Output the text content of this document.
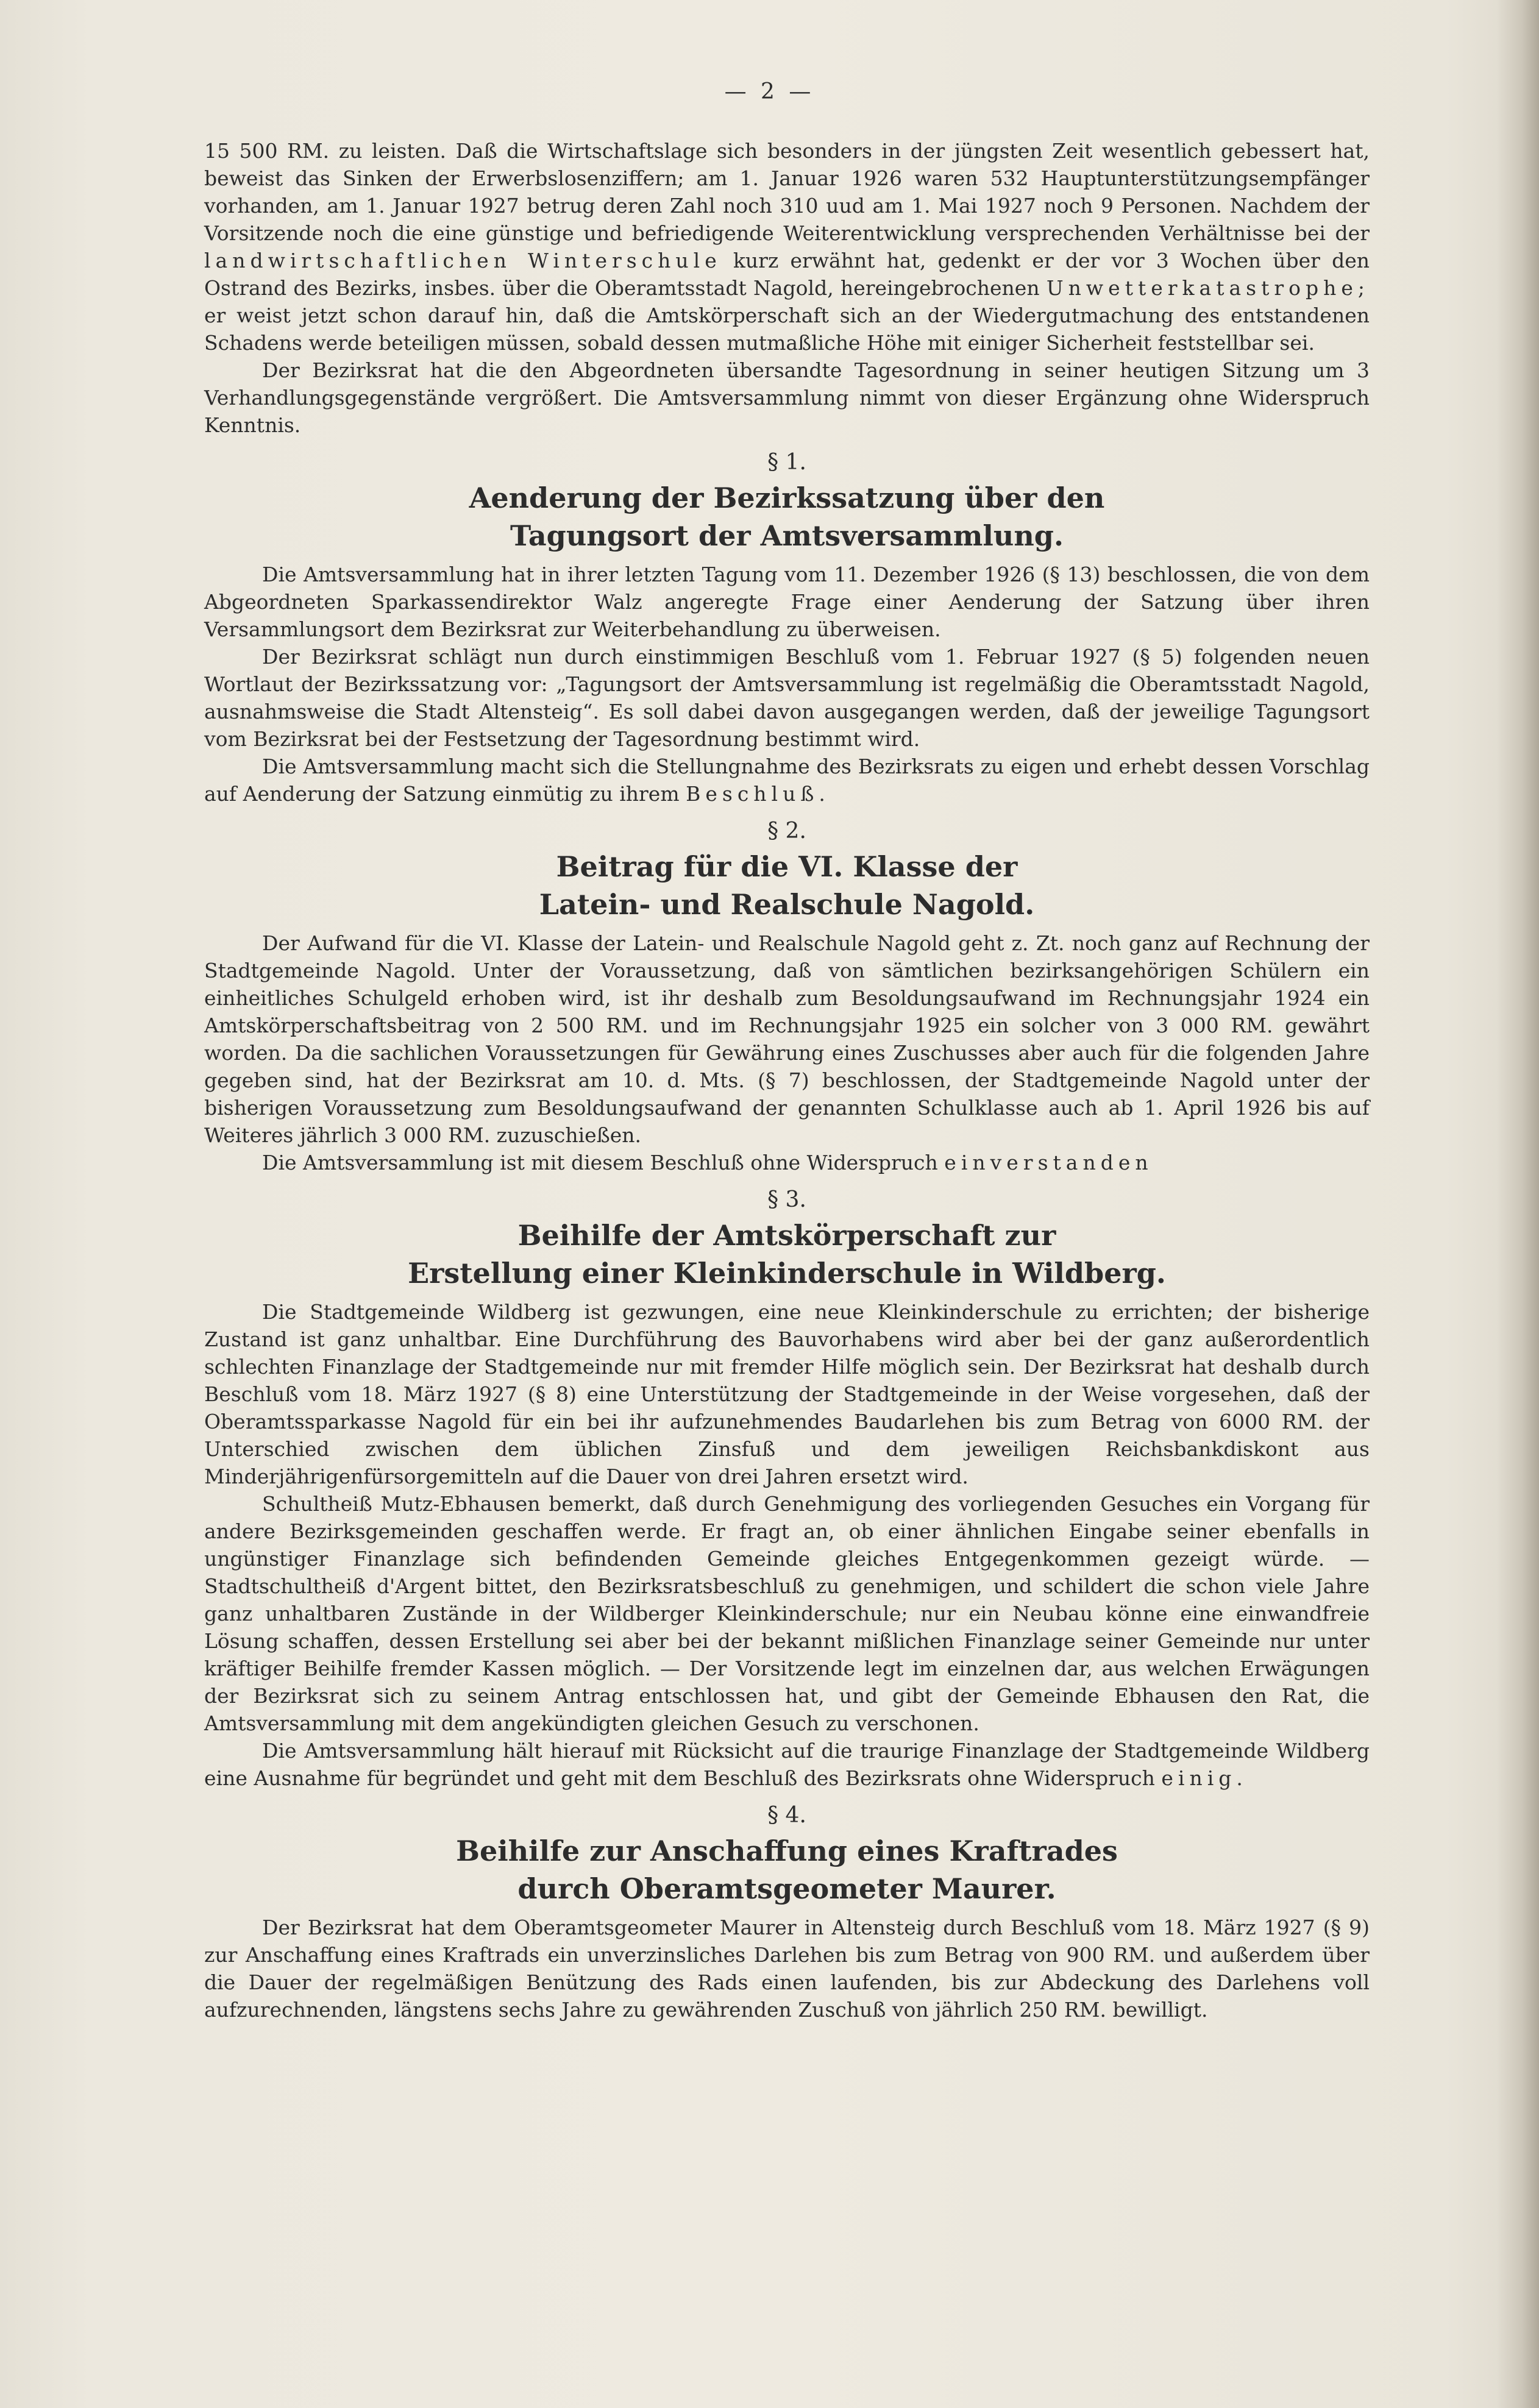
— 2 —

15 500 RM. zu leisten. Daß die Wirtschaftslage sich besonders in der jüngsten Zeit wesentlich gebessert hat, beweist das Sinken der Erwerbslosenziffern; am 1. Januar 1926 waren 532 Hauptunterstützungsempfänger vorhanden, am 1. Januar 1927 betrug deren Zahl noch 310 uud am 1. Mai 1927 noch 9 Personen. Nachdem der Vorsitzende noch die eine günstige und befriedigende Weiterentwicklung versprechenden Verhältnisse bei der landwirtschaftlichen Winterschule kurz erwähnt hat, gedenkt er der vor 3 Wochen über den Ostrand des Bezirks, insbes. über die Oberamtsstadt Nagold, hereingebrochenen Unwetterkatastrophe; er weist jetzt schon darauf hin, daß die Amtskörperschaft sich an der Wiedergutmachung des entstandenen Schadens werde beteiligen müssen, sobald dessen mutmaßliche Höhe mit einiger Sicherheit feststellbar sei.

Der Bezirksrat hat die den Abgeordneten übersandte Tagesordnung in seiner heutigen Sitzung um 3 Verhandlungsgegenstände vergrößert. Die Amtsversammlung nimmt von dieser Ergänzung ohne Widerspruch Kenntnis.

§ 1.
Aenderung der Bezirkssatzung über den
Tagungsort der Amtsversammlung.

Die Amtsversammlung hat in ihrer letzten Tagung vom 11. Dezember 1926 (§ 13) beschlossen, die von dem Abgeordneten Sparkassendirektor Walz angeregte Frage einer Aenderung der Satzung über ihren Versammlungsort dem Bezirksrat zur Weiterbehandlung zu überweisen.

Der Bezirksrat schlägt nun durch einstimmigen Beschluß vom 1. Februar 1927 (§ 5) folgenden neuen Wortlaut der Bezirkssatzung vor: „Tagungsort der Amtsversammlung ist regelmäßig die Oberamtsstadt Nagold, ausnahmsweise die Stadt Altensteig“. Es soll dabei davon ausgegangen werden, daß der jeweilige Tagungsort vom Bezirksrat bei der Festsetzung der Tagesordnung bestimmt wird.

Die Amtsversammlung macht sich die Stellungnahme des Bezirksrats zu eigen und erhebt dessen Vorschlag auf Aenderung der Satzung einmütig zu ihrem Beschluß.

§ 2.
Beitrag für die VI. Klasse der
Latein- und Realschule Nagold.

Der Aufwand für die VI. Klasse der Latein- und Realschule Nagold geht z. Zt. noch ganz auf Rechnung der Stadtgemeinde Nagold. Unter der Voraussetzung, daß von sämtlichen bezirksangehörigen Schülern ein einheitliches Schulgeld erhoben wird, ist ihr deshalb zum Besoldungsaufwand im Rechnungsjahr 1924 ein Amtskörperschaftsbeitrag von 2 500 RM. und im Rechnungsjahr 1925 ein solcher von 3 000 RM. gewährt worden. Da die sachlichen Voraussetzungen für Gewährung eines Zuschusses aber auch für die folgenden Jahre gegeben sind, hat der Bezirksrat am 10. d. Mts. (§ 7) beschlossen, der Stadtgemeinde Nagold unter der bisherigen Voraussetzung zum Besoldungsaufwand der genannten Schulklasse auch ab 1. April 1926 bis auf Weiteres jährlich 3 000 RM. zuzuschießen.

Die Amtsversammlung ist mit diesem Beschluß ohne Widerspruch einverstanden

§ 3.
Beihilfe der Amtskörperschaft zur
Erstellung einer Kleinkinderschule in Wildberg.

Die Stadtgemeinde Wildberg ist gezwungen, eine neue Kleinkinderschule zu errichten; der bisherige Zustand ist ganz unhaltbar. Eine Durchführung des Bauvorhabens wird aber bei der ganz außerordentlich schlechten Finanzlage der Stadtgemeinde nur mit fremder Hilfe möglich sein. Der Bezirksrat hat deshalb durch Beschluß vom 18. März 1927 (§ 8) eine Unterstützung der Stadtgemeinde in der Weise vorgesehen, daß der Oberamtssparkasse Nagold für ein bei ihr aufzunehmendes Baudarlehen bis zum Betrag von 6000 RM. der Unterschied zwischen dem üblichen Zinsfuß und dem jeweiligen Reichsbankdiskont aus Minderjährigenfürsorgemitteln auf die Dauer von drei Jahren ersetzt wird.

Schultheiß Mutz-Ebhausen bemerkt, daß durch Genehmigung des vorliegenden Gesuches ein Vorgang für andere Bezirksgemeinden geschaffen werde. Er fragt an, ob einer ähnlichen Eingabe seiner ebenfalls in ungünstiger Finanzlage sich befindenden Gemeinde gleiches Entgegenkommen gezeigt würde. — Stadtschultheiß d'Argent bittet, den Bezirksratsbeschluß zu genehmigen, und schildert die schon viele Jahre ganz unhaltbaren Zustände in der Wildberger Kleinkinderschule; nur ein Neubau könne eine einwandfreie Lösung schaffen, dessen Erstellung sei aber bei der bekannt mißlichen Finanzlage seiner Gemeinde nur unter kräftiger Beihilfe fremder Kassen möglich. — Der Vorsitzende legt im einzelnen dar, aus welchen Erwägungen der Bezirksrat sich zu seinem Antrag entschlossen hat, und gibt der Gemeinde Ebhausen den Rat, die Amtsversammlung mit dem angekündigten gleichen Gesuch zu verschonen.

Die Amtsversammlung hält hierauf mit Rücksicht auf die traurige Finanzlage der Stadtgemeinde Wildberg eine Ausnahme für begründet und geht mit dem Beschluß des Bezirksrats ohne Widerspruch einig.

§ 4.
Beihilfe zur Anschaffung eines Kraftrades
durch Oberamtsgeometer Maurer.

Der Bezirksrat hat dem Oberamtsgeometer Maurer in Altensteig durch Beschluß vom 18. März 1927 (§ 9) zur Anschaffung eines Kraftrads ein unverzinsliches Darlehen bis zum Betrag von 900 RM. und außerdem über die Dauer der regelmäßigen Benützung des Rads einen laufenden, bis zur Abdeckung des Darlehens voll aufzurechnenden, längstens sechs Jahre zu gewährenden Zuschuß von jährlich 250 RM. bewilligt.
